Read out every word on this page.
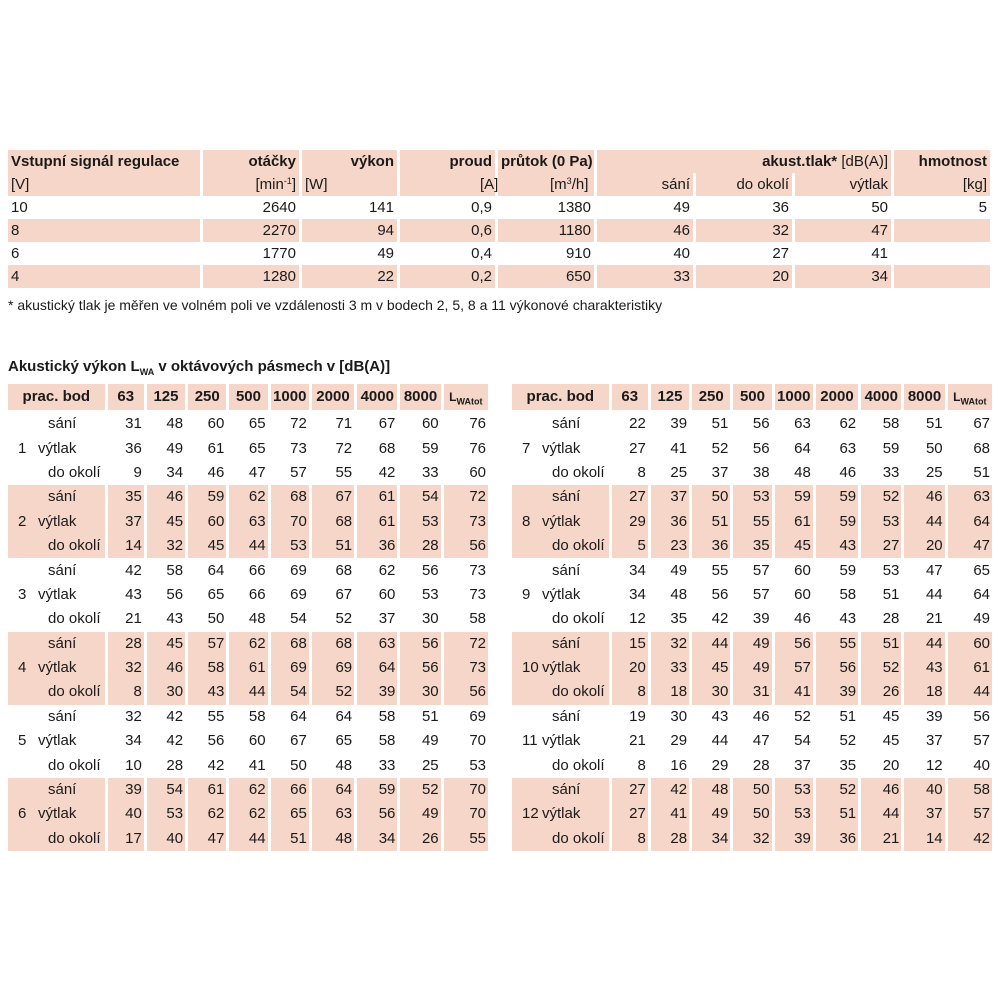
Vstupní signál regulace	otáčky	výkon	proud	průtok (0 Pa)	akust.tlak* [dB(A)]			hmotnost
[V]	$[\min^{-1}]$	[W]	[A]	$[m^3/h]$	sání	do okolí	výtlak	[kg]
10	2640	141	0,9	1380	49	36	50	5
8	2270	94	0,6	1180	46	32	47	
6	1770	49	0,4	910	40	27	41	
4	1280	22	0,2	650	33	20	34	
* akustický tlak je měřen ve volném poli ve vzdálenosti 3 m v bodech 2, 5, 8 a 11 výkonové charakteristiky
Akustický výkon $L_{WA}$ v oktávových pásmech v [dB(A)]
prac. bod	63	125	250	500	1000	2000	4000	8000	$L_{WAtot}$

sání	31	48	60	65	72	71	67	60	76
1 výtlak	36	49	61	65	73	72	68	59	76
do okolí	9	34	46	47	57	55	42	33	60
sání	35	46	59	62	68	67	61	54	72
2 výtlak	37	45	60	63	70	68	61	53	73
do okolí	14	32	45	44	53	51	36	28	56
sání	42	58	64	66	69	68	62	56	73
3 výtlak	43	56	65	66	69	67	60	53	73
do okolí	21	43	50	48	54	52	37	30	58
sání	28	45	57	62	68	68	63	56	72
4 výtlak	32	46	58	61	69	69	64	56	73
do okolí	8	30	43	44	54	52	39	30	56
sání	32	42	55	58	64	64	58	51	69
5 výtlak	34	42	56	60	67	65	58	49	70
do okolí	10	28	42	41	50	48	33	25	53
sání	39	54	61	62	66	64	59	52	70
6 výtlak	40	53	62	62	65	63	56	49	70
do okolí	17	40	47	44	51	48	34	26	55
prac. bod	63	125	250	500	1000	2000	4000	8000	$L_{WAtot}$

sání	22	39	51	56	63	62	58	51	67
7 výtlak	27	41	52	56	64	63	59	50	68
do okolí	8	25	37	38	48	46	33	25	51
sání	27	37	50	53	59	59	52	46	63
8 výtlak	29	36	51	55	61	59	53	44	64
do okolí	5	23	36	35	45	43	27	20	47
sání	34	49	55	57	60	59	53	47	65
9 výtlak	34	48	56	57	60	58	51	44	64
do okolí	12	35	42	39	46	43	28	21	49
sání	15	32	44	49	56	55	51	44	60
10 výtlak	20	33	45	49	57	56	52	43	61
do okolí	8	18	30	31	41	39	26	18	44
sání	19	30	43	46	52	51	45	39	56
11 výtlak	21	29	44	47	54	52	45	37	57
do okolí	8	16	29	28	37	35	20	12	40
sání	27	42	48	50	53	52	46	40	58
12 výtlak	27	41	49	50	53	51	44	37	57
do okolí	8	28	34	32	39	36	21	14	42
